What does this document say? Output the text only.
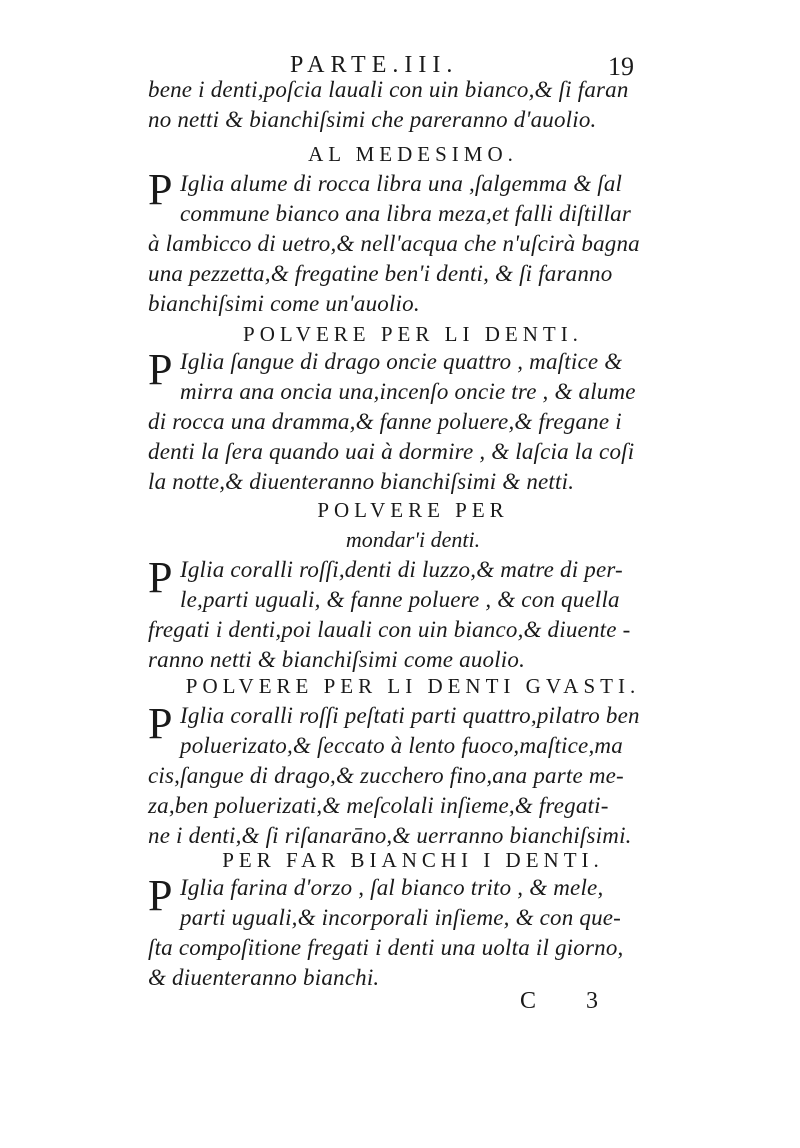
PARTE.III.	19
bene i denti,poſcia lauali con uin bianco,& ſi faran
no netti & bianchiſsimi che pareranno d'auolio.
AL MEDESIMO.
P Iglia alume di rocca libra una ,ſalgemma & ſal
commune bianco ana libra meza,et falli diſtillar
à lambicco di uetro,& nell'acqua che n'uſcirà bagna
una pezzetta,& fregatine ben'i denti, & ſi faranno
bianchiſsimi come un'auolio.
POLVERE PER LI DENTI.
P Iglia ſangue di drago oncie quattro , maſtice &
mirra ana oncia una,incenſo oncie tre , & alume
di rocca una dramma,& fanne poluere,& fregane i
denti la ſera quando uai à dormire , & laſcia la coſi
la notte,& diuenteranno bianchiſsimi & netti.
POLVERE PER
mondar'i denti.
P Iglia coralli roſſi,denti di luzzo,& matre di per-
le,parti uguali, & fanne poluere , & con quella
fregati i denti,poi lauali con uin bianco,& diuente -
ranno netti & bianchiſsimi come auolio.
POLVERE PER LI DENTI GVASTI.
P Iglia coralli roſſi peſtati parti quattro,pilatro ben
poluerizato,& ſeccato à lento fuoco,maſtice,ma
cis,ſangue di drago,& zucchero fino,ana parte me-
za,ben poluerizati,& meſcolali inſieme,& fregati-
ne i denti,& ſi riſanarāno,& uerranno bianchiſsimi.
PER FAR BIANCHI I DENTI.
P Iglia farina d'orzo , ſal bianco trito , & mele,
parti uguali,& incorporali inſieme, & con que-
ſta compoſitione fregati i denti una uolta il giorno,
& diuenteranno bianchi.
C 3
